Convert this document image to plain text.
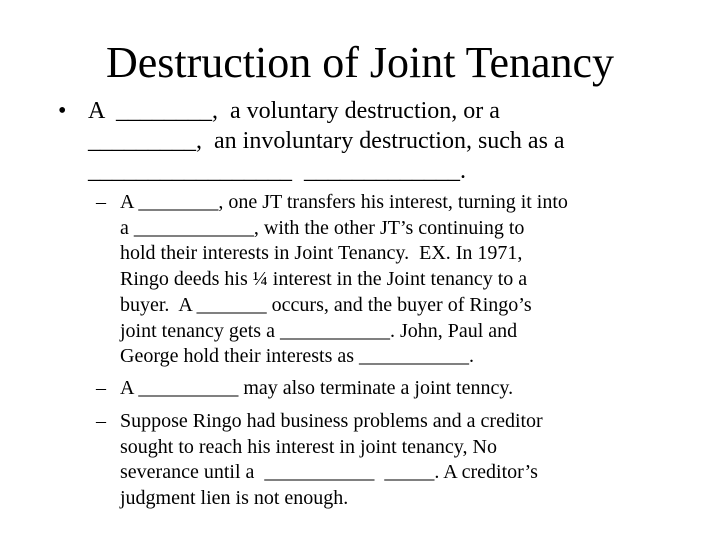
Destruction of Joint Tenancy
• A  ________,  a voluntary destruction, or a
_________,  an involuntary destruction, such as a
_________________  _____________.
– A ________, one JT transfers his interest, turning it into
a ____________, with the other JT’s continuing to
hold their interests in Joint Tenancy.  EX. In 1971,
Ringo deeds his ¼ interest in the Joint tenancy to a
buyer.  A _______ occurs, and the buyer of Ringo’s
joint tenancy gets a ___________. John, Paul and
George hold their interests as ___________.
– A __________ may also terminate a joint tenncy.
– Suppose Ringo had business problems and a creditor
sought to reach his interest in joint tenancy, No
severance until a  ___________  _____. A creditor’s
judgment lien is not enough.
